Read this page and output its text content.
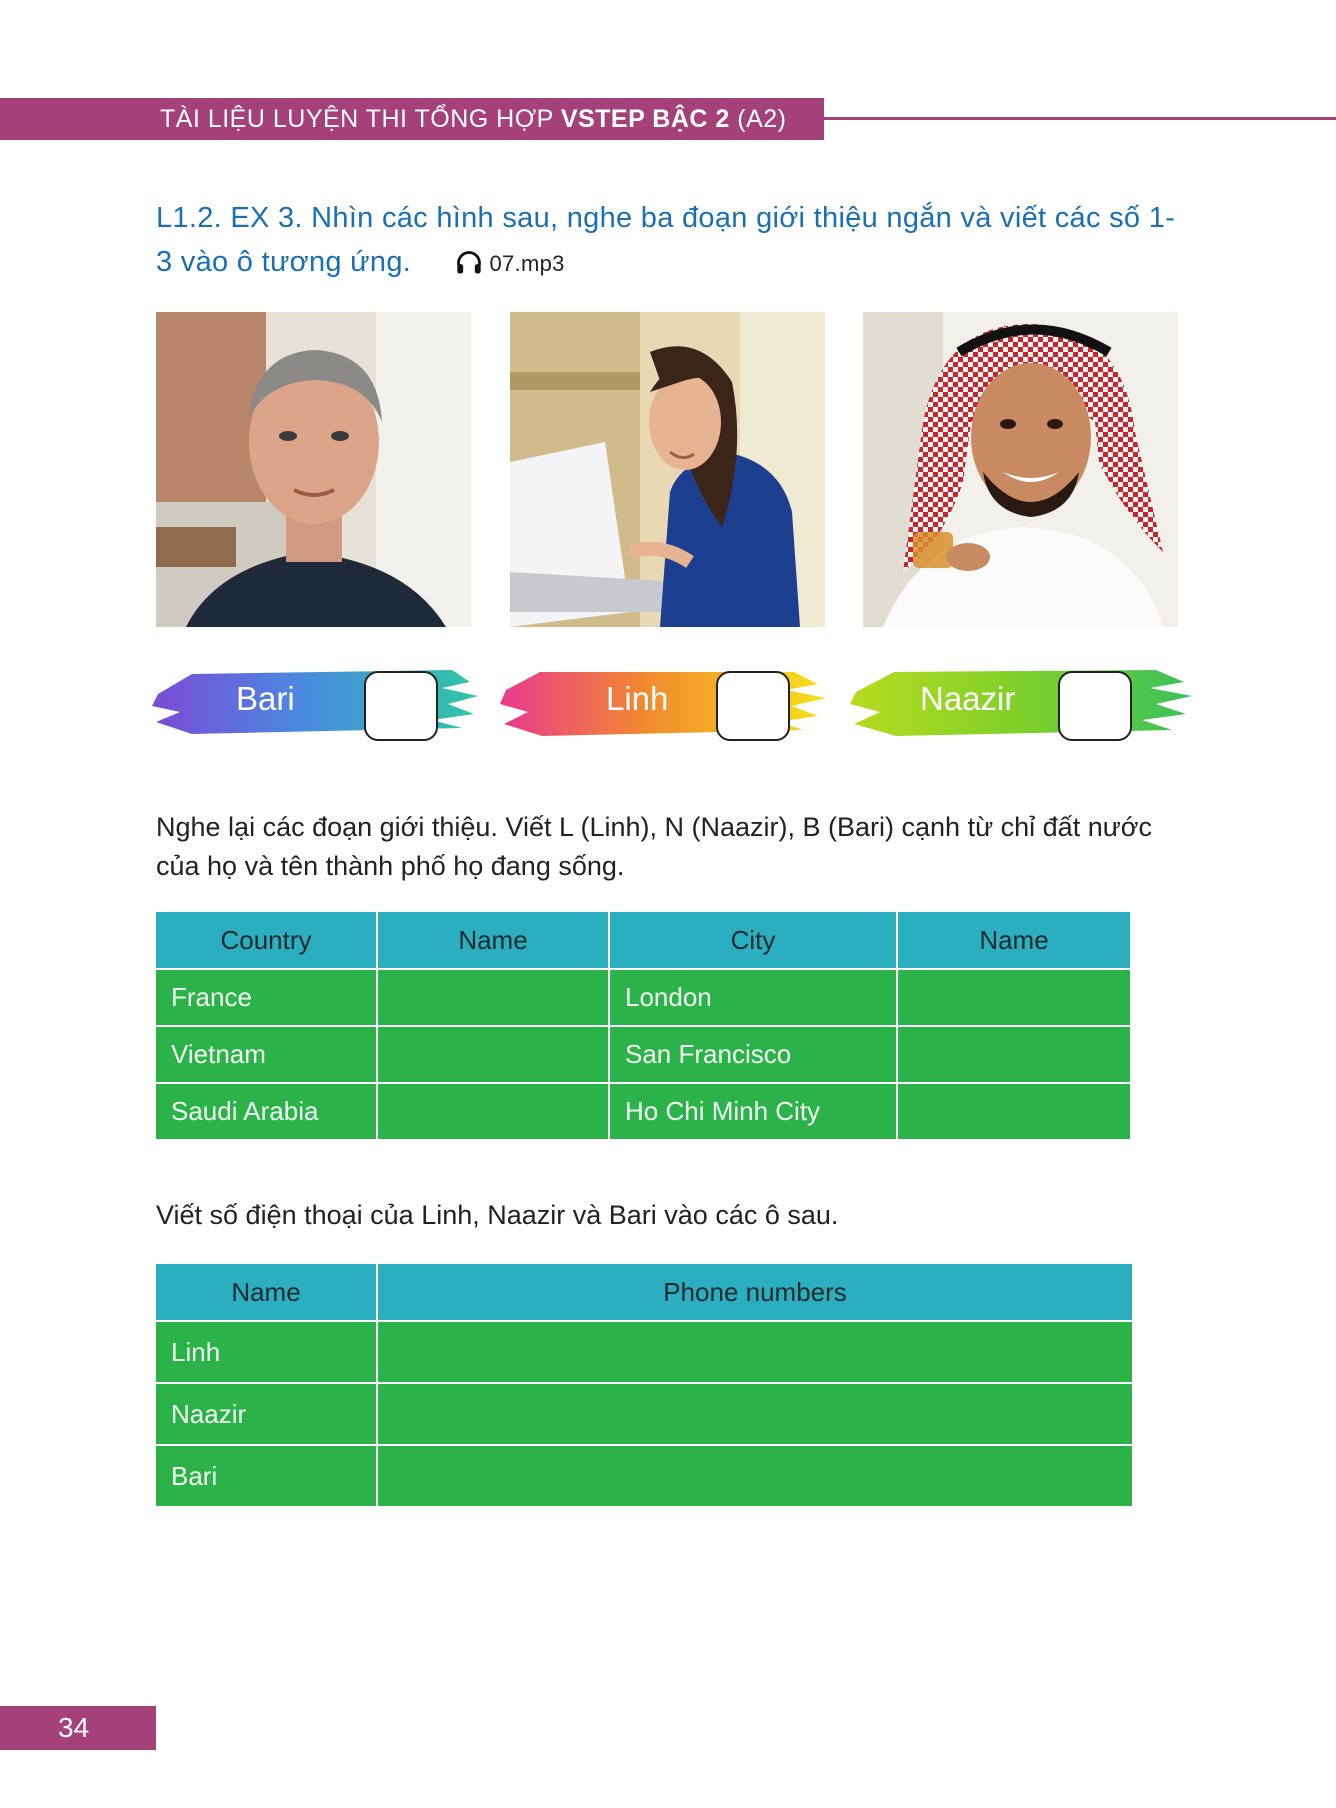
TÀI LIỆU LUYỆN THI TỔNG HỢP VSTEP BẬC 2 (A2)
L1.2. EX 3. Nhìn các hình sau, nghe ba đoạn giới thiệu ngắn và viết các số 1-3 vào ô tương ứng.	07.mp3
Bari	Linh	Naazir
Nghe lại các đoạn giới thiệu. Viết L (Linh), N (Naazir), B (Bari) cạnh từ chỉ đất nước của họ và tên thành phố họ đang sống.
Country	Name	City	Name
France		London	
Vietnam		San Francisco	
Saudi Arabia		Ho Chi Minh City	
Viết số điện thoại của Linh, Naazir và Bari vào các ô sau.
Name	Phone numbers
Linh	
Naazir	
Bari	
34
